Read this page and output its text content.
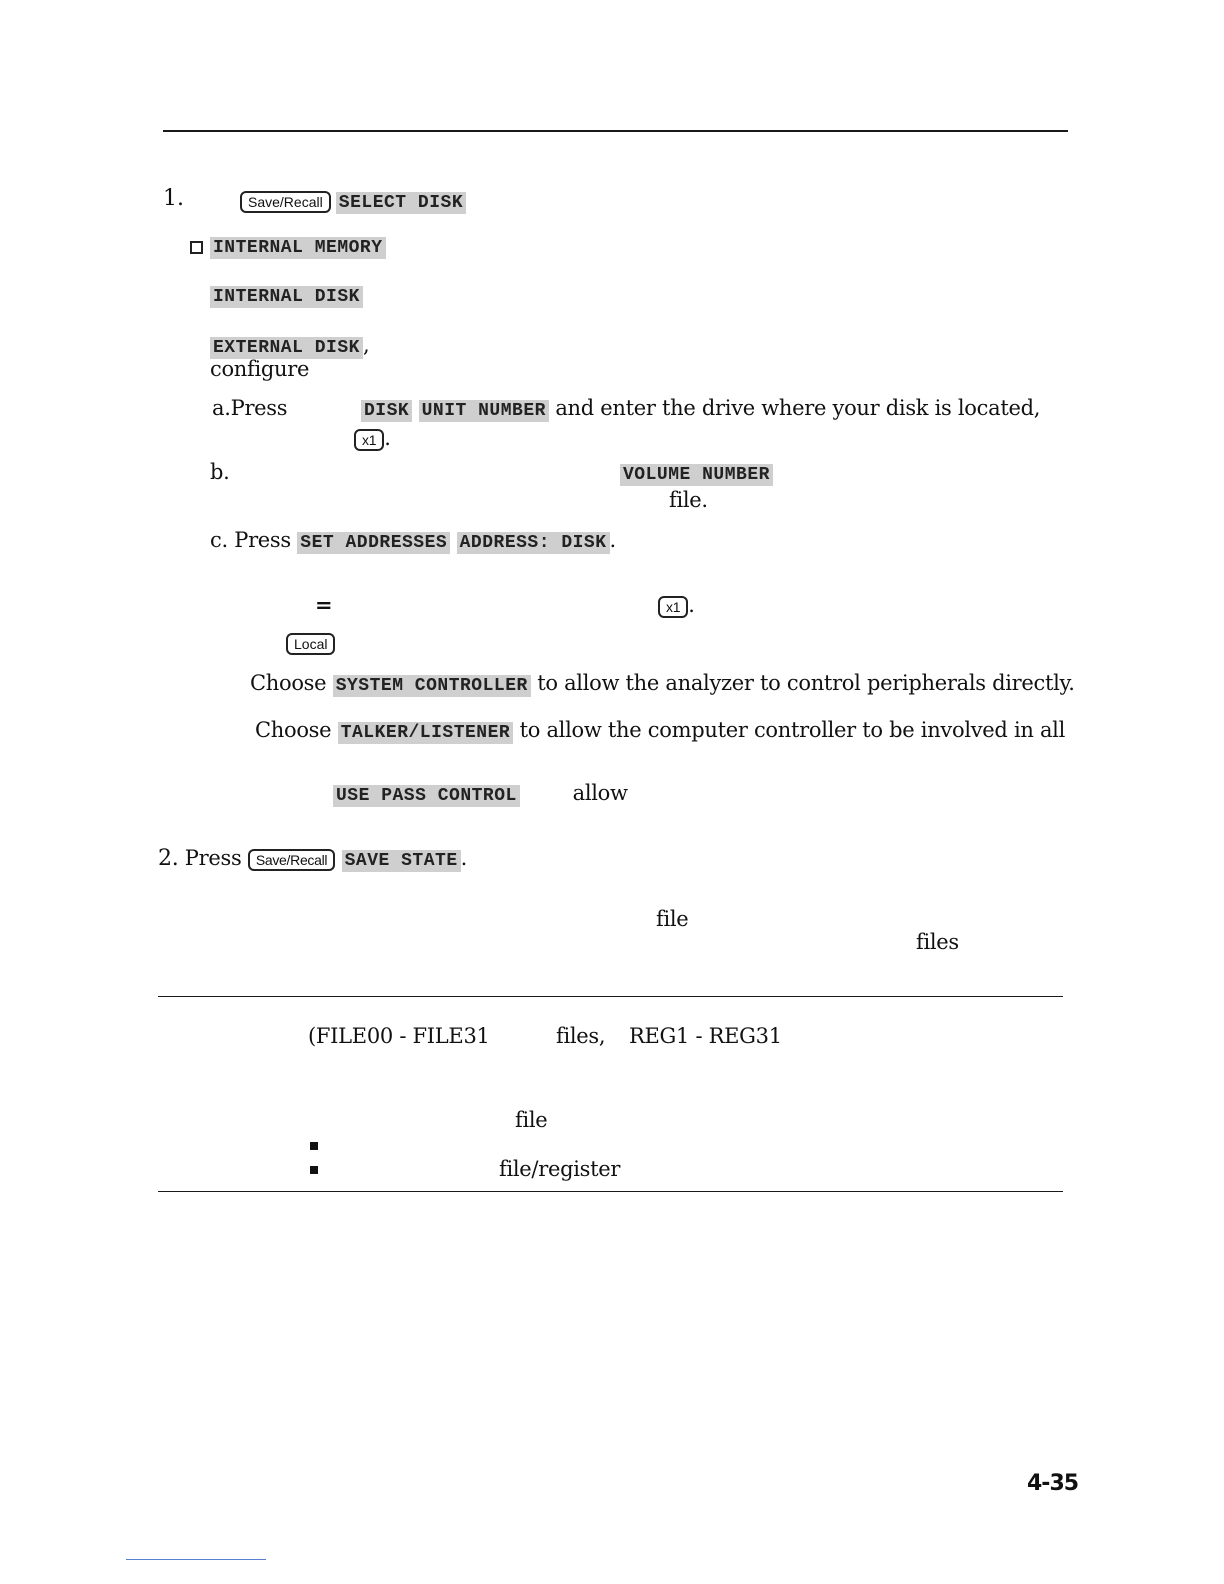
1.	Save/Recall SELECT DISK
INTERNAL MEMORY
INTERNAL DISK
EXTERNAL DISK ,
configure
a.Press	DISK UNIT NUMBER and enter the drive where your disk is located,
x1 .
b.	VOLUME NUMBER
file.
c. Press SET ADDRESSES ADDRESS: DISK .
=	x1 .
Local
Choose SYSTEM CONTROLLER to allow the analyzer to control peripherals directly.
Choose TALKER/LISTENER to allow the computer controller to be involved in all
USE PASS CONTROL	allow
2. Press Save/Recall SAVE STATE .
file
files
(FILE00 - FILE31	files, REG1 - REG31
file
file/register
4-35
